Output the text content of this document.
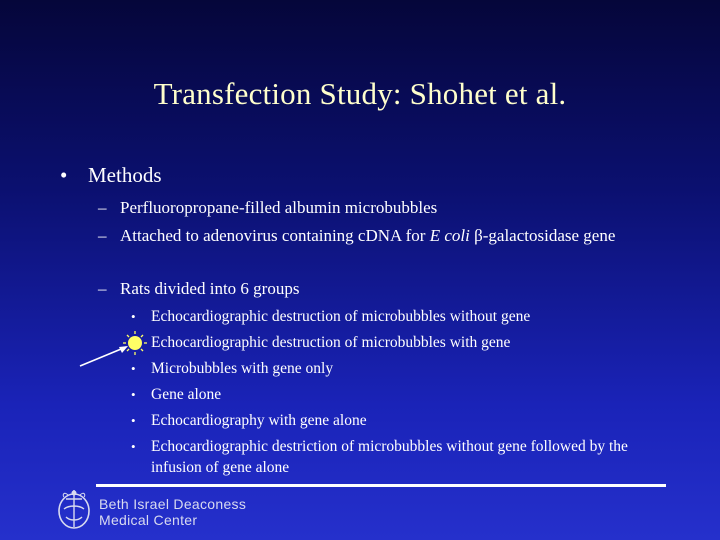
Transfection Study: Shohet et al.
• Methods
– Perfluoropropane-filled albumin microbubbles
– Attached to adenovirus containing cDNA for E coli β-galactosidase gene
– Rats divided into 6 groups
• Echocardiographic destruction of microbubbles without gene
Echocardiographic destruction of microbubbles with gene
• Microbubbles with gene only
• Gene alone
• Echocardiography with gene alone
• Echocardiographic destriction of microbubbles without gene followed by the infusion of gene alone
Beth Israel Deaconess
Medical Center
